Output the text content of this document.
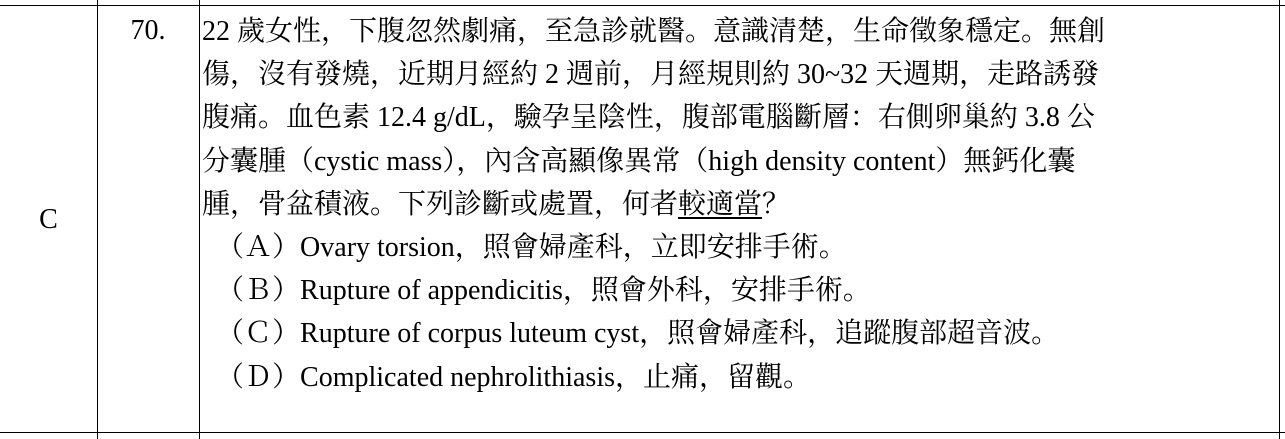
C
70.	22 歲女性，下腹忽然劇痛，至急診就醫。意識清楚，生命徵象穩定。無創
傷，沒有發燒，近期月經約 2 週前，月經規則約 30~32 天週期，走路誘發
腹痛。血色素 12.4 g/dL，驗孕呈陰性，腹部電腦斷層：右側卵巢約 3.8 公
分囊腫（cystic mass），內含高顯像異常（high density content）無鈣化囊
腫，骨盆積液。下列診斷或處置，何者較適當？
（Ａ）Ovary torsion，照會婦產科，立即安排手術。
（Ｂ）Rupture of appendicitis，照會外科，安排手術。
（Ｃ）Rupture of corpus luteum cyst，照會婦產科，追蹤腹部超音波。
（Ｄ）Complicated nephrolithiasis，止痛，留觀。
